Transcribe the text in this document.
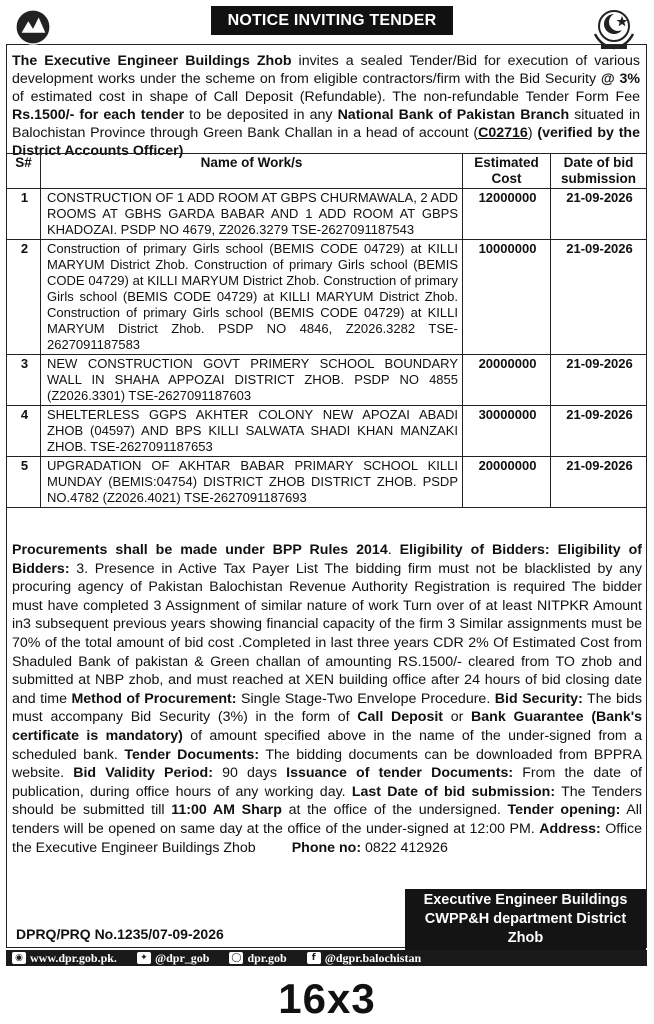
NOTICE INVITING TENDER
The Executive Engineer Buildings Zhob invites a sealed Tender/Bid for execution of various development works under the scheme on from eligible contractors/firm with the Bid Security @ 3% of estimated cost in shape of Call Deposit (Refundable). The non-refundable Tender Form Fee Rs.1500/- for each tender to be deposited in any National Bank of Pakistan Branch situated in Balochistan Province through Green Bank Challan in a head of account (C02716) (verified by the District Accounts Officer)
S#	Name of Work/s	Estimated Cost	Date of bid submission
1	CONSTRUCTION OF 1 ADD ROOM AT GBPS CHURMAWALA, 2 ADD ROOMS AT GBHS GARDA BABAR AND 1 ADD ROOM AT GBPS KHADOZAI. PSDP NO 4679, Z2026.3279 TSE-2627091187543	12000000	21-09-2026
2	Construction of primary Girls school (BEMIS CODE 04729) at KILLI MARYUM District Zhob. Construction of primary Girls school (BEMIS CODE 04729) at KILLI MARYUM District Zhob. Construction of primary Girls school (BEMIS CODE 04729) at KILLI MARYUM District Zhob. Construction of primary Girls school (BEMIS CODE 04729) at KILLI MARYUM District Zhob. PSDP NO 4846, Z2026.3282 TSE-2627091187583	10000000	21-09-2026
3	NEW CONSTRUCTION GOVT PRIMERY SCHOOL BOUNDARY WALL IN SHAHA APPOZAI DISTRICT ZHOB. PSDP NO 4855 (Z2026.3301) TSE-2627091187603	20000000	21-09-2026
4	SHELTERLESS GGPS AKHTER COLONY NEW APOZAI ABADI ZHOB (04597) AND BPS KILLI SALWATA SHADI KHAN MANZAKI ZHOB. TSE-2627091187653	30000000	21-09-2026
5	UPGRADATION OF AKHTAR BABAR PRIMARY SCHOOL KILLI MUNDAY (BEMIS:04754) DISTRICT ZHOB DISTRICT ZHOB. PSDP NO.4782 (Z2026.4021) TSE-2627091187693	20000000	21-09-2026
Procurements shall be made under BPP Rules 2014. Eligibility of Bidders: Eligibility of Bidders: 3. Presence in Active Tax Payer List The bidding firm must not be blacklisted by any procuring agency of Pakistan Balochistan Revenue Authority Registration is required The bidder must have completed 3 Assignment of similar nature of work Turn over of at least NITPKR Amount in3 subsequent previous years showing financial capacity of the firm 3 Similar assignments must be 70% of the total amount of bid cost .Completed in last three years CDR 2% Of Estimated Cost from Shaduled Bank of pakistan & Green challan of amounting RS.1500/- cleared from TO zhob and submitted at NBP zhob, and must reached at XEN building office after 24 hours of bid closing date and time Method of Procurement: Single Stage-Two Envelope Procedure. Bid Security: The bids must accompany Bid Security (3%) in the form of Call Deposit or Bank Guarantee (Bank's certificate is mandatory) of amount specified above in the name of the under-signed from a scheduled bank. Tender Documents: The bidding documents can be downloaded from BPPRA website. Bid Validity Period: 90 days Issuance of tender Documents: From the date of publication, during office hours of any working day. Last Date of bid submission: The Tenders should be submitted till 11:00 AM Sharp at the office of the undersigned. Tender opening: All tenders will be opened on same day at the office of the under-signed at 12:00 PM. Address: Office the Executive Engineer Buildings Zhob	Phone no: 0822 412926
Executive Engineer Buildings
CWPP&H department District
Zhob
DPRQ/PRQ No.1235/07-09-2026
◉ www.dpr.gob.pk.	✦ @dpr_gob ◯ dpr.gob	f @dgpr.balochistan
16x3
